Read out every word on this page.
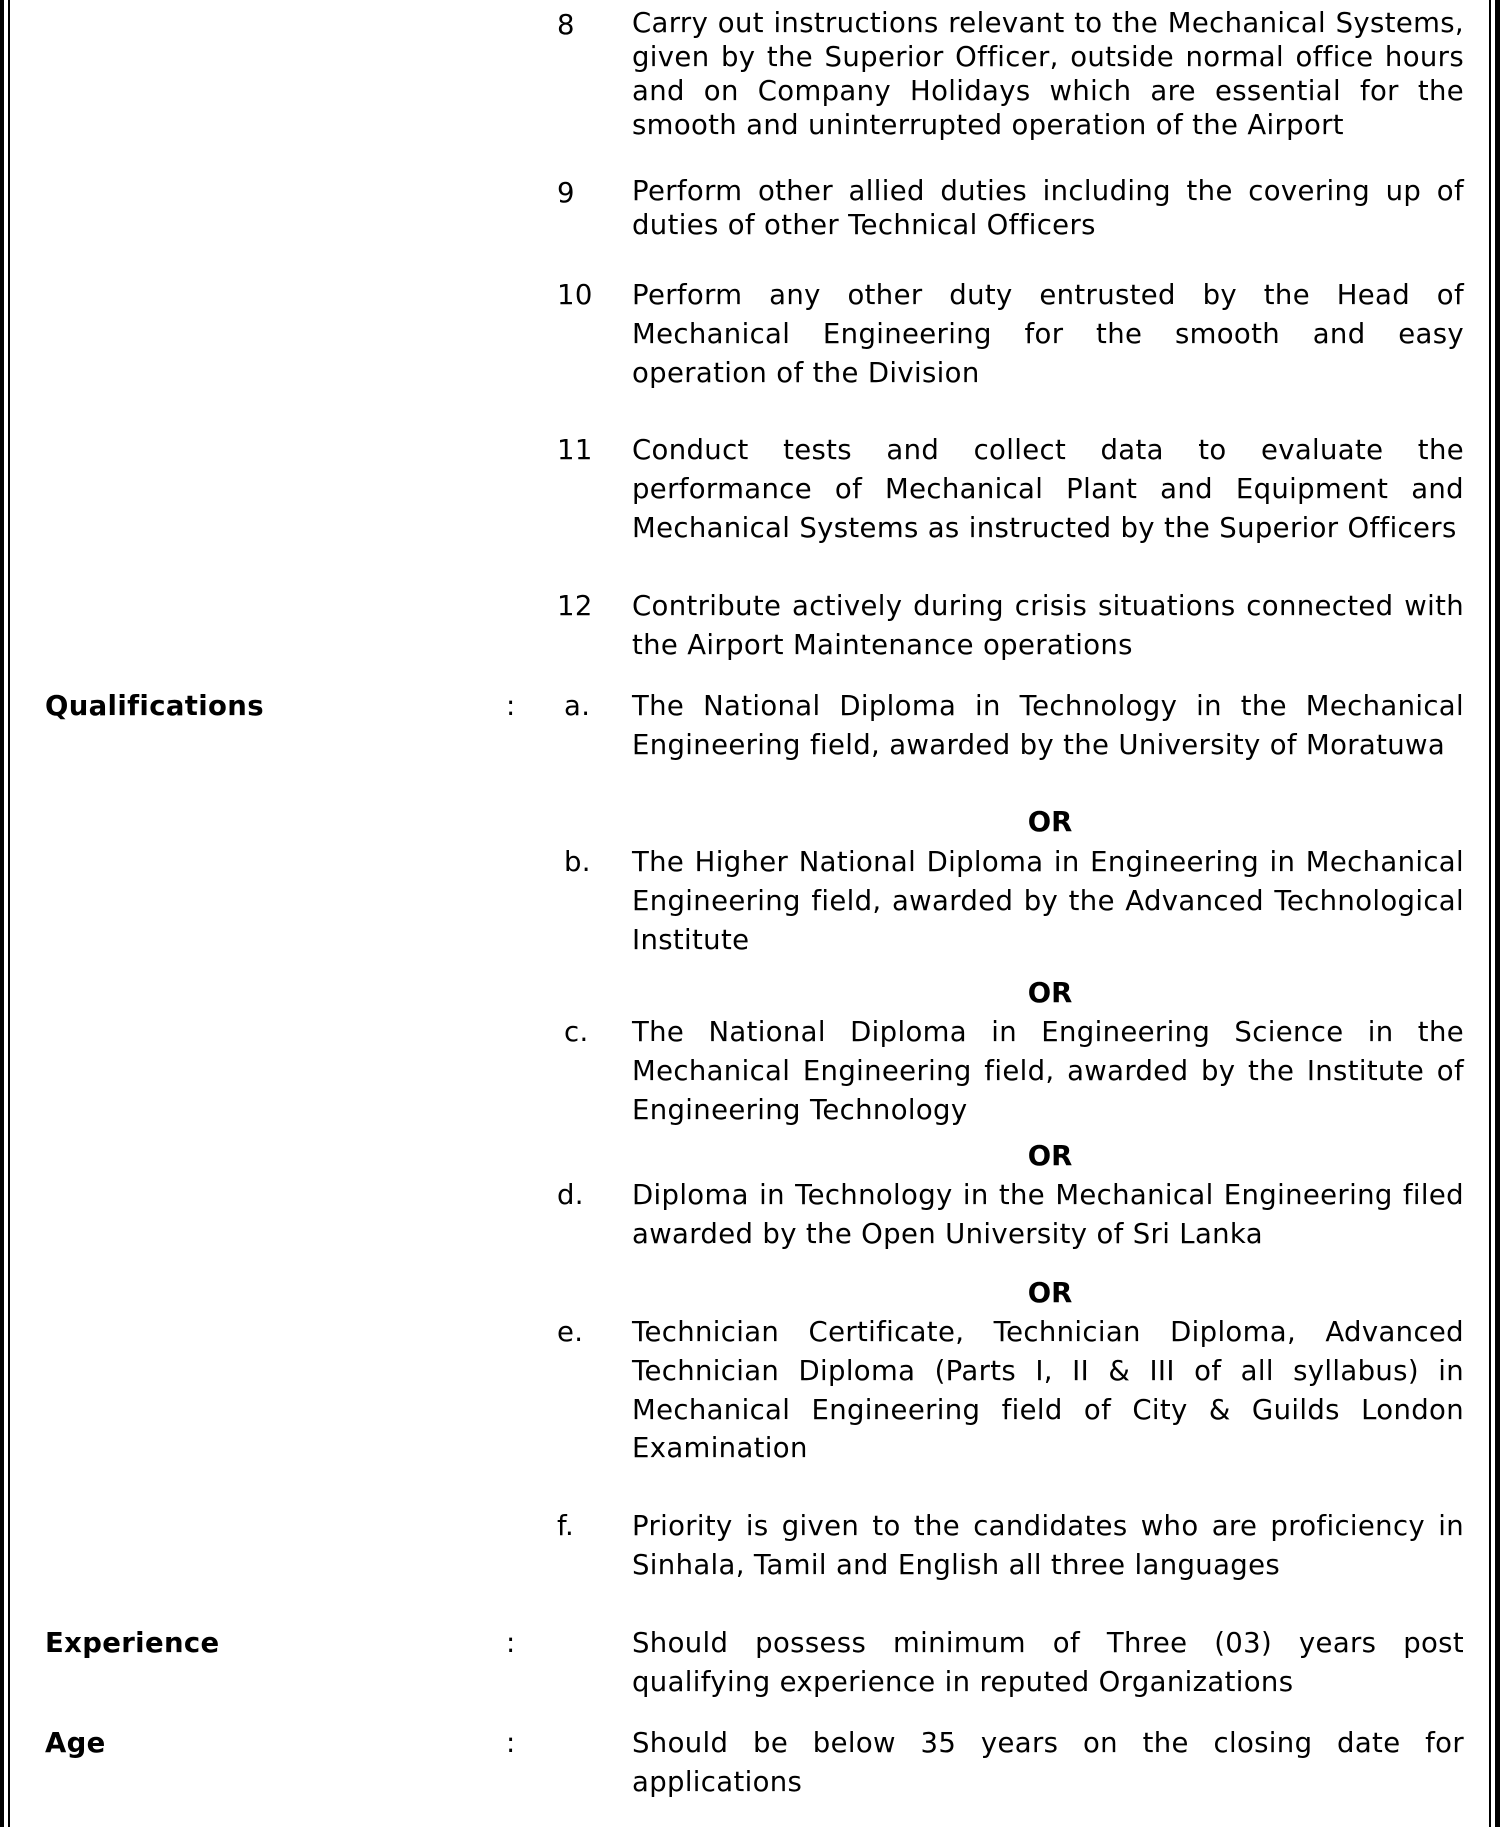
8 Carry out instructions relevant to the Mechanical Systems, given by the Superior Officer, outside normal office hours and on Company Holidays which are essential for the smooth and uninterrupted operation of the Airport
9 Perform other allied duties including the covering up of duties of other Technical Officers
10 Perform any other duty entrusted by the Head of Mechanical Engineering for the smooth and easy operation of the Division
11 Conduct tests and collect data to evaluate the performance of Mechanical Plant and Equipment and Mechanical Systems as instructed by the Superior Officers
12 Contribute actively during crisis situations connected with the Airport Maintenance operations
Qualifications	: a. The National Diploma in Technology in the Mechanical Engineering field, awarded by the University of Moratuwa
OR
b. The Higher National Diploma in Engineering in Mechanical Engineering field, awarded by the Advanced Technological Institute
OR
c. The National Diploma in Engineering Science in the Mechanical Engineering field, awarded by the Institute of Engineering Technology
OR
d. Diploma in Technology in the Mechanical Engineering filed awarded by the Open University of Sri Lanka
OR
e. Technician Certificate, Technician Diploma, Advanced Technician Diploma (Parts I, II & III of all syllabus) in Mechanical Engineering field of City & Guilds London Examination
f. Priority is given to the candidates who are proficiency in Sinhala, Tamil and English all three languages
Experience	:	Should possess minimum of Three (03) years post qualifying experience in reputed Organizations
Age	:	Should be below 35 years on the closing date for applications
